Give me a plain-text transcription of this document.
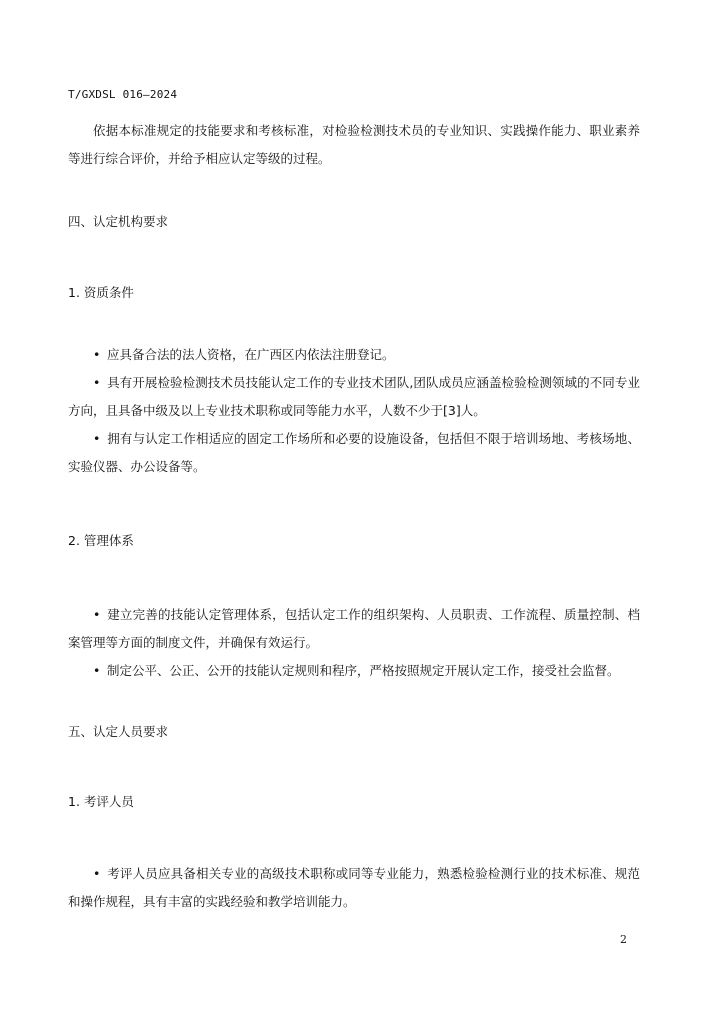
T/GXDSL 016—2024

依据本标准规定的技能要求和考核标准，对检验检测技术员的专业知识、实践操作能力、职业素养等进行综合评价，并给予相应认定等级的过程。

四、认定机构要求
1. 资质条件

• 应具备合法的法人资格，在广西区内依法注册登记。

• 具有开展检验检测技术员技能认定工作的专业技术团队,团队成员应涵盖检验检测领域的不同专业方向，且具备中级及以上专业技术职称或同等能力水平，人数不少于[3]人。

• 拥有与认定工作相适应的固定工作场所和必要的设施设备，包括但不限于培训场地、考核场地、实验仪器、办公设备等。

2. 管理体系

• 建立完善的技能认定管理体系，包括认定工作的组织架构、人员职责、工作流程、质量控制、档案管理等方面的制度文件，并确保有效运行。

• 制定公平、公正、公开的技能认定规则和程序，严格按照规定开展认定工作，接受社会监督。

五、认定人员要求
1. 考评人员

• 考评人员应具备相关专业的高级技术职称或同等专业能力，熟悉检验检测行业的技术标准、规范和操作规程，具有丰富的实践经验和教学培训能力。

2
